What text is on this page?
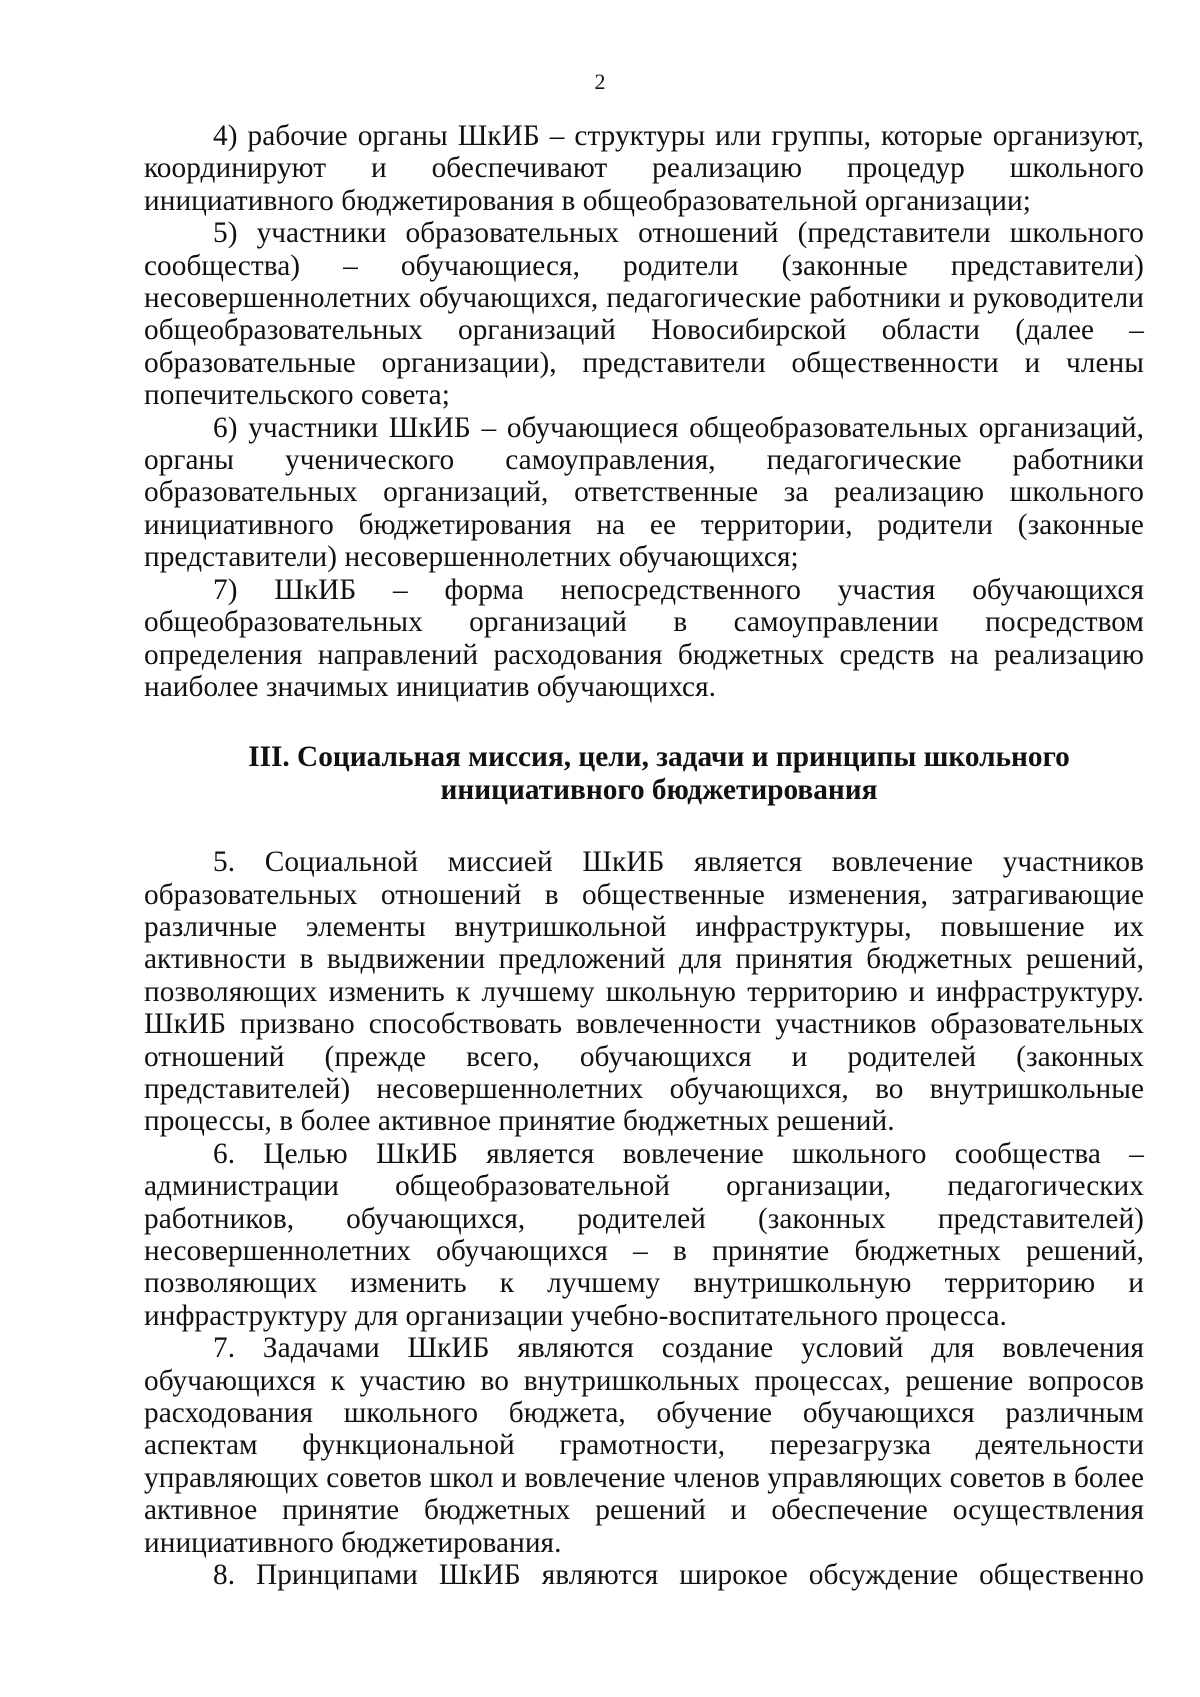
2

4) рабочие органы ШкИБ – структуры или группы, которые организуют, координируют и обеспечивают реализацию процедур школьного инициативного бюджетирования в общеобразовательной организации;

5) участники образовательных отношений (представители школьного сообщества) – обучающиеся, родители (законные представители) несовершеннолетних обучающихся, педагогические работники и руководители общеобразовательных организаций Новосибирской области (далее – образовательные организации), представители общественности и члены попечительского совета;

6) участники ШкИБ – обучающиеся общеобразовательных организаций, органы ученического самоуправления, педагогические работники образовательных организаций, ответственные за реализацию школьного инициативного бюджетирования на ее территории, родители (законные представители) несовершеннолетних обучающихся;

7) ШкИБ – форма непосредственного участия обучающихся общеобразовательных организаций в самоуправлении посредством определения направлений расходования бюджетных средств на реализацию наиболее значимых инициатив обучающихся.

III. Социальная миссия, цели, задачи и принципы школьного
инициативного бюджетирования

5. Социальной миссией ШкИБ является вовлечение участников образовательных отношений в общественные изменения, затрагивающие различные элементы внутришкольной инфраструктуры, повышение их активности в выдвижении предложений для принятия бюджетных решений, позволяющих изменить к лучшему школьную территорию и инфраструктуру. ШкИБ призвано способствовать вовлеченности участников образовательных отношений (прежде всего, обучающихся и родителей (законных представителей) несовершеннолетних обучающихся, во внутришкольные процессы, в более активное принятие бюджетных решений.

6. Целью ШкИБ является вовлечение школьного сообщества – администрации общеобразовательной организации, педагогических работников, обучающихся, родителей (законных представителей) несовершеннолетних обучающихся – в принятие бюджетных решений, позволяющих изменить к лучшему внутришкольную территорию и инфраструктуру для организации учебно-воспитательного процесса.

7. Задачами ШкИБ являются создание условий для вовлечения обучающихся к участию во внутришкольных процессах, решение вопросов расходования школьного бюджета, обучение обучающихся различным аспектам функциональной грамотности, перезагрузка деятельности управляющих советов школ и вовлечение членов управляющих советов в более активное принятие бюджетных решений и обеспечение осуществления инициативного бюджетирования.

8. Принципами ШкИБ являются широкое обсуждение общественно
